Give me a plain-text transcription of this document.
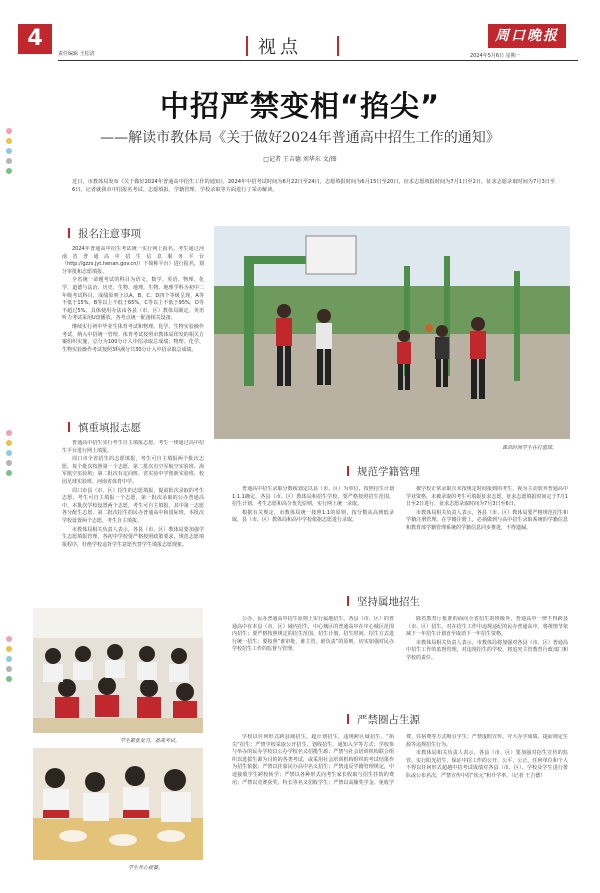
4
责任编辑 王松清	视点
周口晚报
2024年5月6日 星期一
中招严禁变相“掐尖”
——解读市教体局《关于做好2024年普通高中招生工作的通知》
□记者 王吉德 刘华东 文/图
近日，市教体局发布《关于做好2024年普通高中招生工作的通知》。2024年中招考试时间为6月22日至24日，志愿填报时间为6月15日至20日，征求志愿填报时间为7月1日至2日，征求志愿录取时间为7月3日至6日。记者就我市中招报名考试、志愿填报、学籍管理、学校录取等方面进行了采访解读。
报名注意事项

2024年普通高中招生考试统一实行网上报名。考生通过河南省普通高中招生信息服务平台（http://gzzs.jyt.henan.gov.cn/）下简称平台）进行报名，划分审批和志愿填报。

全省统一命题考试的科目为语文、数学、英语、物理、化学、道德与法治、历史、生物、地理。生物、地理学科为初中二年级考试科目，成绩原则上以A、B、C、D四个等级呈现，A等不低于15%，B等以上不低于65%，C等以上不低于95%，D等不超过5%，具体使用办法由各县（市、区）教体局制定。英语听力考试采用U盘播放，各考点统一配备相关设备。

继续实行初中毕业生体育考试和物理、化学、生物实验操作考试，纳入中招统一管理。体育考试按照市教体局印发的相关方案组织实施，总分为100分计入中招录取总成绩；物理、化学、生物实验操作考试按照3科满分共30分计入中招录取总成绩。

课余时间学生在打篮球。
慎重填报志愿

普通高中招生实行考生自主填报志愿，考生一律通过高中招生平台进行网上填报。

周口市全省招生的志愿填报，考生可自主填报两个批次志愿，每个批次按照第一个志愿、第二批次有空军航空实验班、海军航空实验班；第二批次有定向班、省实验中学创新实验班、校园足球实验班、河南省体育中学。

周口市县（市、区）招生的志愿填报，提前批次录取的考生志愿，考生可自主填报一个志愿，第一批次录取的公办普通高中，本批次学校设置两个志愿，考生可自主填报，其中第一志愿各分配生志愿，第二批次招生的民办普通高中和国际班，本批次学校设置两个志愿，考生自主填报。

市教体局相关负责人表示，各县（市、区）教体局要加强学生志愿填报管理，各初中学校要严格按照政策要求，规范志愿填报程序，杜绝学校违背学生意愿代替学生填报志愿现象。

学生紧张复习，备战考试。
学生开心就餐。
规范学籍管理

普通高中招生录取分数线划定以县（市、区）为单位，按照招生计划1:1.1确定。各县（市、区）教体局和招生学校，要严格按照招生范围、招生计划、考生志愿和高分优先原则，实行网上统一录取。

根据有关规定，市教体局统一按照1:1的原则，按分数从高到低录取，县（市、区）教体局和高中学校依据志愿进行录取。

被学校正常录取且未按规定时间报到的考生，视为主动放弃普通高中学业资格。未被录取的考生可填报征求志愿，征求志愿填报时间定于7月1日至2日进行，征求志愿录取时间为7月3日至6日。

市教体局相关负责人表示，各县（市、区）教体局要严格规范招生和学籍注册管理。在学籍注册上，必须做到与高中招生录取系统的学籍信息和教育部学籍管理系统的学籍信息同步推进，不得遗漏。

坚持属地招生

公办、民办普通高中招生原则上实行属地招生。各县（市、区）的普通高中在本县（市、区）域内招生，中心城区的普通高中在中心城区范围内招生；要严格按照规定的招生范围、招生计划、招生时间、招生方式进行统一招生；要按照“谁审批、谁主管、谁负责”的原则，切实加强对民办学校招生工作的监督与管理。

除省教育厅批准的面向全省招生的班级外，普通高中一律不得跨县（市、区）招生。对在招生工作中违规违纪的民办普通高中，将视情节依减下一年招生计划直至取消下一年招生资格。

市教体局相关负责人表示，市教体局将加强对各县（市、区）普通高中招生工作的监督管理，对违规招生的学校，将追究主管教育行政部门和学校的责任。

严禁圈占生源

学校以任何形式跨县域招生，超计划招生，违规跨区域招生、“掐尖”招生；严禁学校采取公开招生、划线招生、通知入学等方式；学校参与举办的民办学校以公办学校名义招揽生源；严禁与社会培训机构联合组织以选拔生源为目的的各类考试，或采用社会培训机构组织的考试结果作为招生依据；严禁以挂靠民办高中名义招生；严禁违反学籍管理规定，中途接收学生跨校转学；严禁以各种形式向考生家长收取与招生挂钩的费用；严禁以竞赛获奖、特长等名义招收学生；严禁以高额奖学金、免收学费、住宿费等方式吸引学生；严禁虚假宣传、夸大办学成绩、提前锁定生源等违规招生行为。

市教体局相关负责人表示，各县（市、区）要加强对招生宣传的监管，实行阳光招生，保证中招工作的公开、公平、公正。任何单位和个人不得以任何形式超越中招考试成绩对各县（市、区）、学校及学生进行排队或公布名次，严禁宣传中招“状元”和升学率。（记者 王吉德）
